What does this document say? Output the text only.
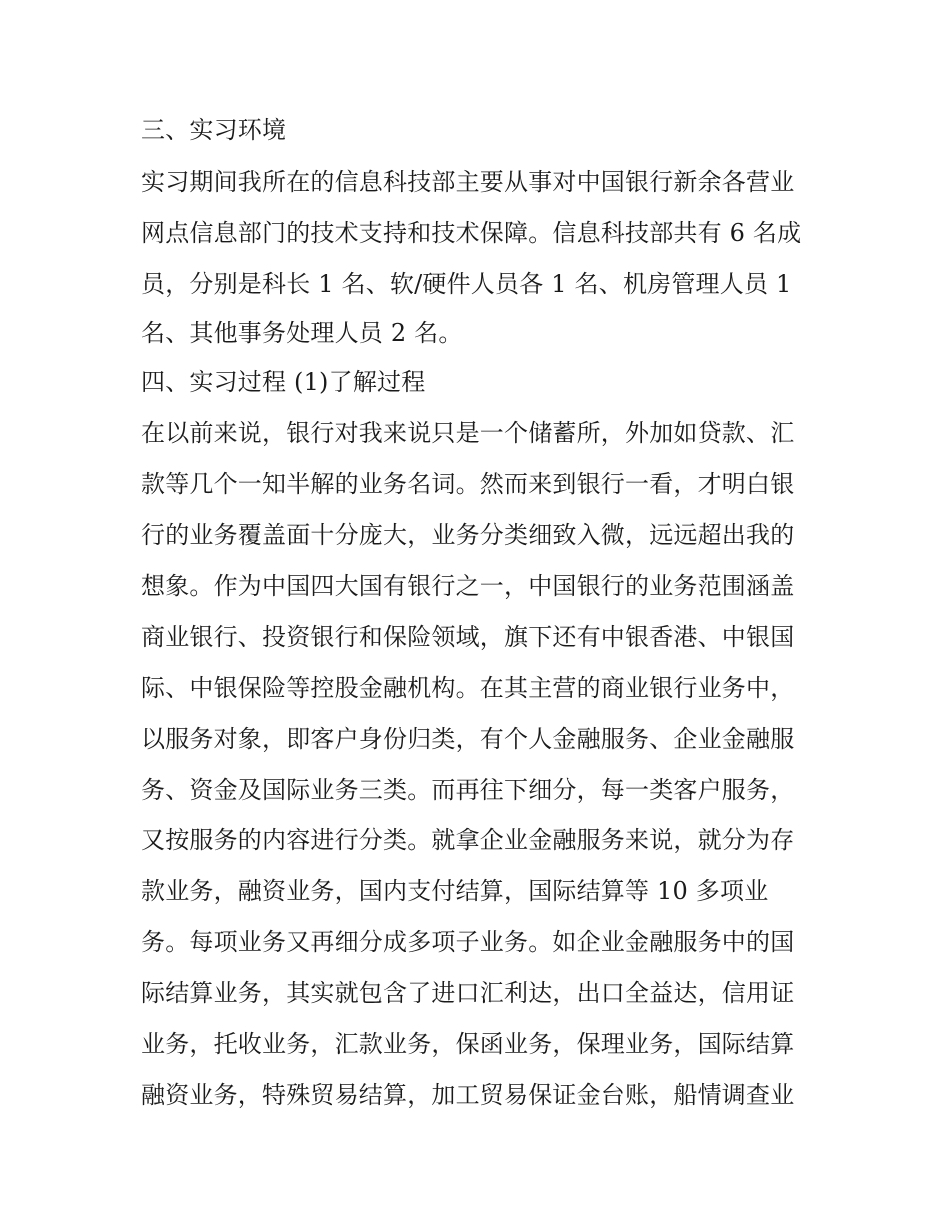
三、实习环境
实习期间我所在的信息科技部主要从事对中国银行新余各营业
网点信息部门的技术支持和技术保障。信息科技部共有 6 名成
员，分别是科长 1 名、软/硬件人员各 1 名、机房管理人员 1
名、其他事务处理人员 2 名。
四、实习过程 (1)了解过程
在以前来说，银行对我来说只是一个储蓄所，外加如贷款、汇
款等几个一知半解的业务名词。然而来到银行一看，才明白银
行的业务覆盖面十分庞大，业务分类细致入微，远远超出我的
想象。作为中国四大国有银行之一，中国银行的业务范围涵盖
商业银行、投资银行和保险领域，旗下还有中银香港、中银国
际、中银保险等控股金融机构。在其主营的商业银行业务中，
以服务对象，即客户身份归类，有个人金融服务、企业金融服
务、资金及国际业务三类。而再往下细分，每一类客户服务，
又按服务的内容进行分类。就拿企业金融服务来说，就分为存
款业务，融资业务，国内支付结算，国际结算等 10 多项业
务。每项业务又再细分成多项子业务。如企业金融服务中的国
际结算业务，其实就包含了进口汇利达，出口全益达，信用证
业务，托收业务，汇款业务，保函业务，保理业务，国际结算
融资业务，特殊贸易结算，加工贸易保证金台账，船情调查业
